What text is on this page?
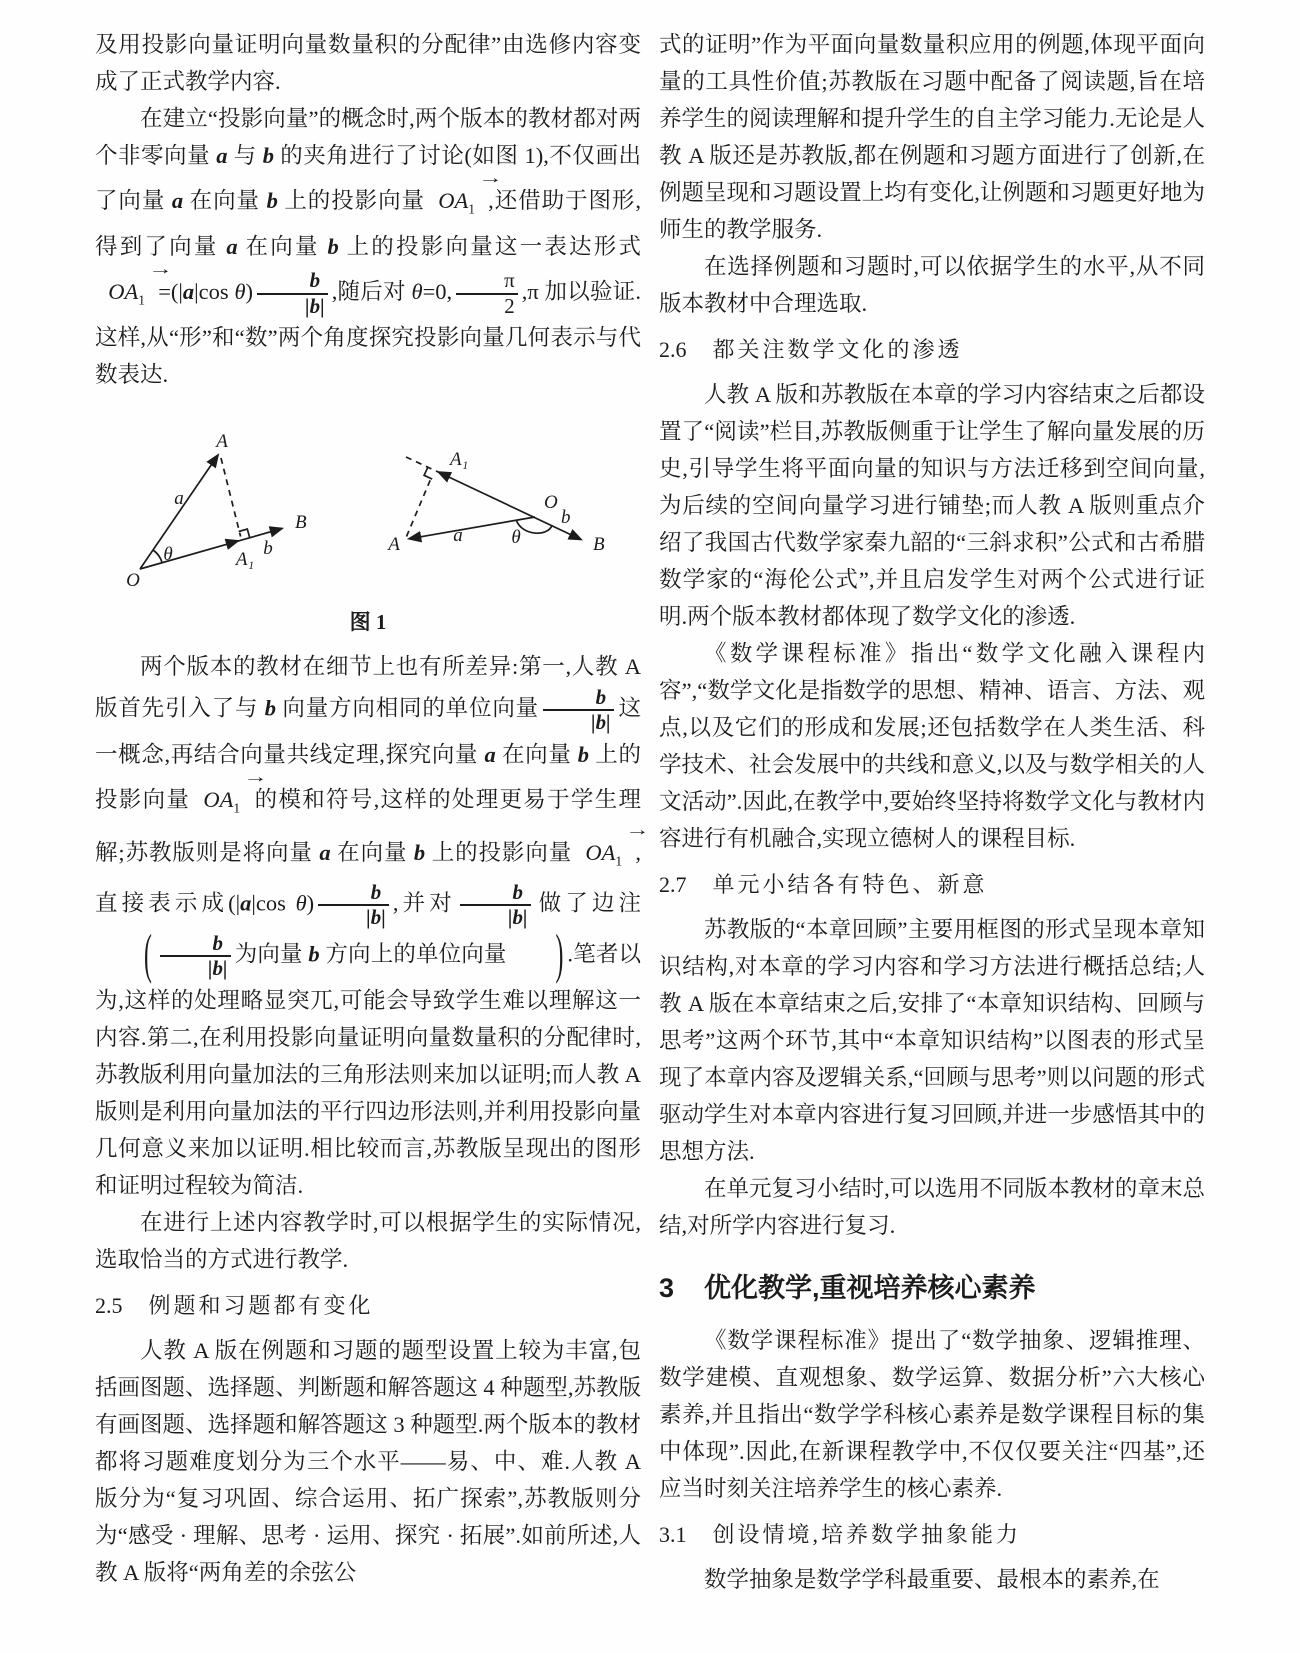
及用投影向量证明向量数量积的分配律”由选修内容变成了正式教学内容.

在建立“投影向量”的概念时,两个版本的教材都对两个非零向量 a 与 b 的夹角进行了讨论(如图 1),不仅画出了向量 a 在向量 b 上的投影向量
→
$OA_1$ ,还借助于图形,得到了向量 a 在向量 b 上的投影向量这一表达形式
→
$OA_1 =(|a|\cos$ $\theta) \frac{b}{|b|}$ ,随后对 θ=0, $\frac{\pi}{2} ,\pi$ 加以验证.这样,从“形”和“数”两个角度探究投影向量几何表示与代数表达.

A
a
θ
O
A₁
b
B
A₁
O
b
θ
a
A	B
图 1

两个版本的教材在细节上也有所差异:第一,人教 A 版首先引入了与 b 向量方向相同的单位向量 $\frac{b}{|b|}$ 这一概念,再结合向量共线定理,探究向量 a 在向量 b 上的投影向量
→
$OA_1$ 的模和符号,这样的处理更易于学生理解;苏教版则是将向量 a 在向量 b 上的投影向量
→
$OA_1$ ,直接表示成(|a|cos $\theta) \frac{b}{|b|}$ ,并对 $\frac{b}{|b|}$ 做了边注( $\frac{b}{|b|}$ 为向量 b 方向上的单位向量 ) .笔者以为,这样的处理略显突兀,可能会导致学生难以理解这一内容.第二,在利用投影向量证明向量数量积的分配律时,苏教版利用向量加法的三角形法则来加以证明;而人教 A 版则是利用向量加法的平行四边形法则,并利用投影向量几何意义来加以证明.相比较而言,苏教版呈现出的图形和证明过程较为简洁.

在进行上述内容教学时,可以根据学生的实际情况,选取恰当的方式进行教学.

2.5 例题和习题都有变化

人教 A 版在例题和习题的题型设置上较为丰富,包括画图题、选择题、判断题和解答题这 4 种题型,苏教版有画图题、选择题和解答题这 3 种题型.两个版本的教材都将习题难度划分为三个水平——易、中、难.人教 A 版分为“复习巩固、综合运用、拓广探索”,苏教版则分为“感受 · 理解、思考 · 运用、探究 · 拓展”.如前所述,人教 A 版将“两角差的余弦公

式的证明”作为平面向量数量积应用的例题,体现平面向量的工具性价值;苏教版在习题中配备了阅读题,旨在培养学生的阅读理解和提升学生的自主学习能力.无论是人教 A 版还是苏教版,都在例题和习题方面进行了创新,在例题呈现和习题设置上均有变化,让例题和习题更好地为师生的教学服务.

在选择例题和习题时,可以依据学生的水平,从不同版本教材中合理选取.

2.6 都关注数学文化的渗透

人教 A 版和苏教版在本章的学习内容结束之后都设置了“阅读”栏目,苏教版侧重于让学生了解向量发展的历史,引导学生将平面向量的知识与方法迁移到空间向量,为后续的空间向量学习进行铺垫;而人教 A 版则重点介绍了我国古代数学家秦九韶的“三斜求积”公式和古希腊数学家的“海伦公式”,并且启发学生对两个公式进行证明.两个版本教材都体现了数学文化的渗透.

《数学课程标准》指出“数学文化融入课程内容”,“数学文化是指数学的思想、精神、语言、方法、观点,以及它们的形成和发展;还包括数学在人类生活、科学技术、社会发展中的共线和意义,以及与数学相关的人文活动”.因此,在教学中,要始终坚持将数学文化与教材内容进行有机融合,实现立德树人的课程目标.

2.7 单元小结各有特色、新意

苏教版的“本章回顾”主要用框图的形式呈现本章知识结构,对本章的学习内容和学习方法进行概括总结;人教 A 版在本章结束之后,安排了“本章知识结构、回顾与思考”这两个环节,其中“本章知识结构”以图表的形式呈现了本章内容及逻辑关系,“回顾与思考”则以问题的形式驱动学生对本章内容进行复习回顾,并进一步感悟其中的思想方法.

在单元复习小结时,可以选用不同版本教材的章末总结,对所学内容进行复习.

3 优化教学,重视培养核心素养

《数学课程标准》提出了“数学抽象、逻辑推理、数学建模、直观想象、数学运算、数据分析”六大核心素养,并且指出“数学学科核心素养是数学课程目标的集中体现”.因此,在新课程教学中,不仅仅要关注“四基”,还应当时刻关注培养学生的核心素养.

3.1 创设情境,培养数学抽象能力

数学抽象是数学学科最重要、最根本的素养,在
